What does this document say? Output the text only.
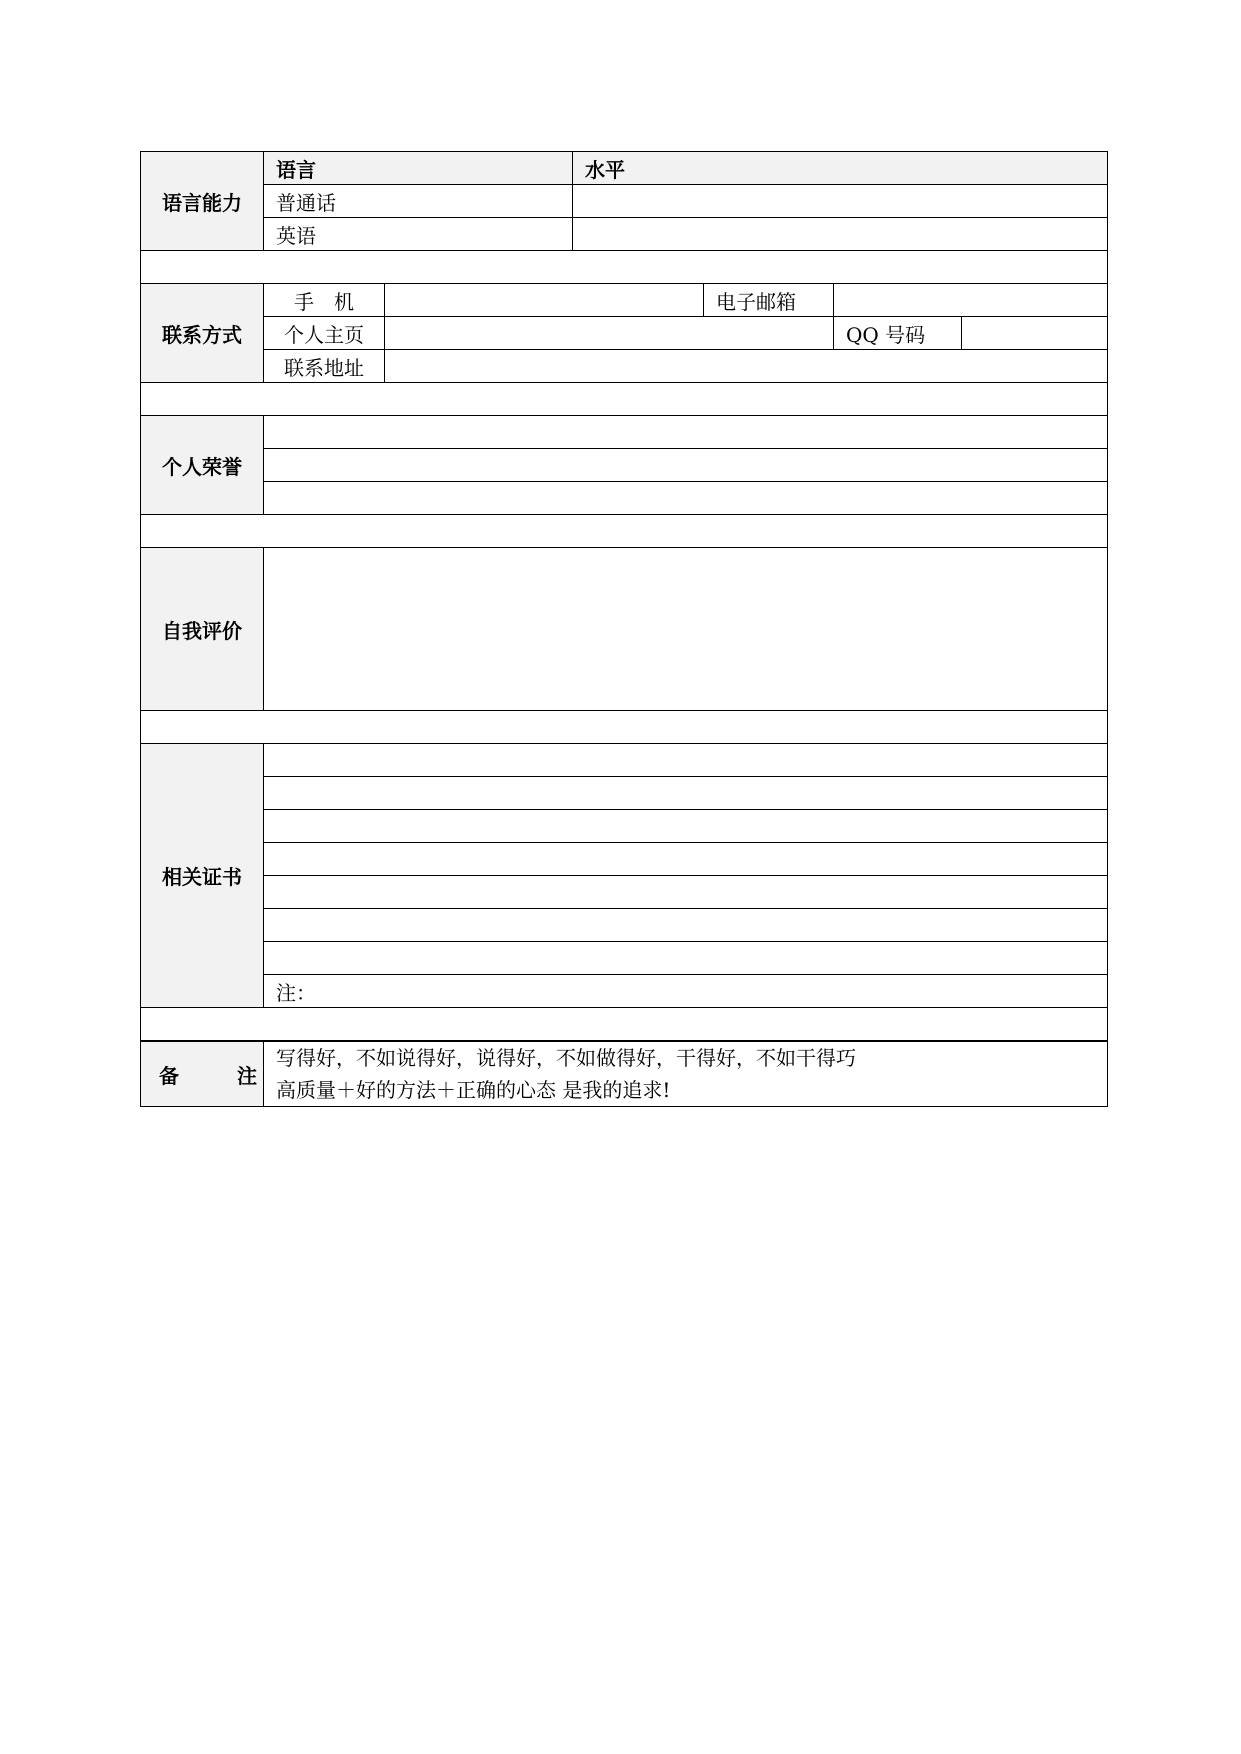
语言能力	语言		水平			
	普通话					
	英语					

联系方式	手　机			电子邮箱		
	个人主页				QQ 号码	
	联系地址					

个人荣誉						

自我评价						

相关证书						

	注：					

备 注	写得好，不如说得好，说得好，不如做得好，干得好，不如干得巧
高质量＋好的方法＋正确的心态 是我的追求!					
